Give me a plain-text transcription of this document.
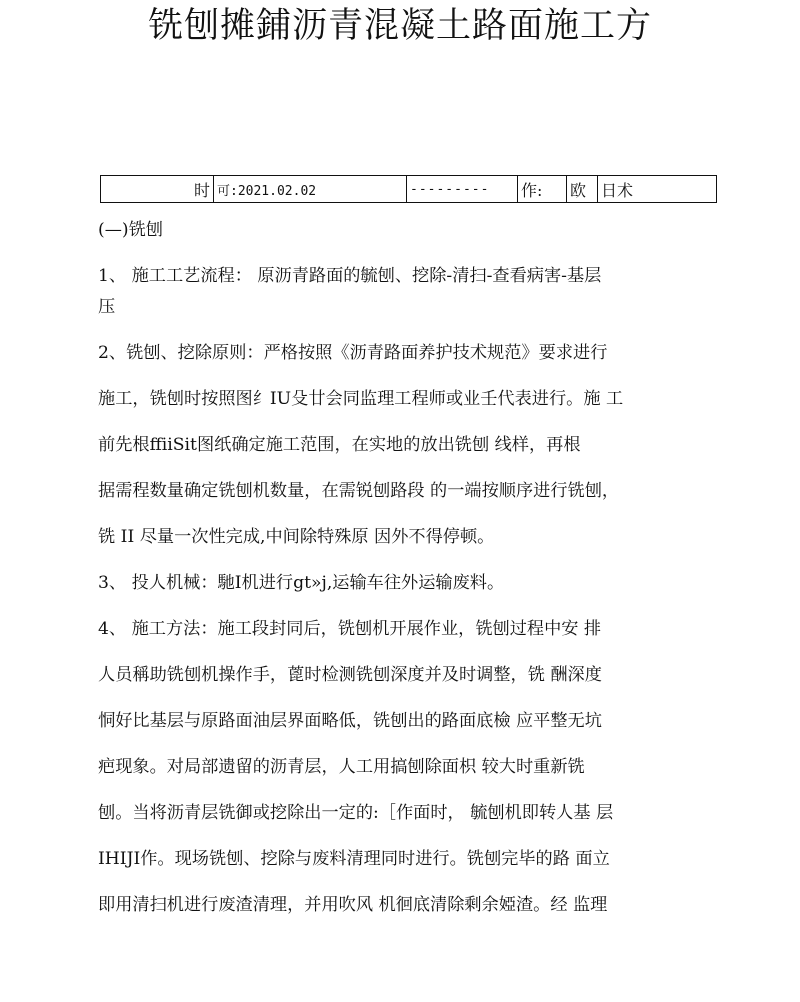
铣刨摊鋪沥青混凝土路面施工方
时	可:2021.02.02	---------	作:	欧	日术
(—)铣刨
1、 施工工艺流程： 原沥青路面的毓刨、挖除-清扫-查看病害-基层
压
2、铣刨、挖除原则：严格按照《沥青路面养护技术规范》要求进行
施工，铣刨时按照图纟IU殳廿会同监理工程师或业壬代表进行。施 工
前先根ffiiSit图纸确定施工范围，在实地的放出铣刨 线样，再根
据需程数量确定铣刨机数量，在需锐刨路段 的一端按顺序进行铣刨，
铣 II 尽量一次性完成,中间除特殊原 因外不得停顿。
3、 投人机械：馳I机进行gt»j,运输车往外运输废料。
4、 施工方法：施工段封同后，铣刨机开展作业，铣刨过程中安 排
人员稱助铣刨机操作手，蓖时检测铣刨深度并及时调整，铣 酬深度
恫好比基层与原路面油层界面略低，铣刨出的路面底檢 应平整无坑
疤现象。对局部遗留的沥青层，人工用搞刨除面枳 较大时重新铣
刨。当将沥青层铣御或挖除出一定的:［作面时， 毓刨机即转人基 层
IHIJI作。现场铣刨、挖除与废料清理同时进行。铣刨完毕的路 面立
即用清扫机进行废渣清理，并用吹风 机徊底清除剩余婭渣。经 监理
